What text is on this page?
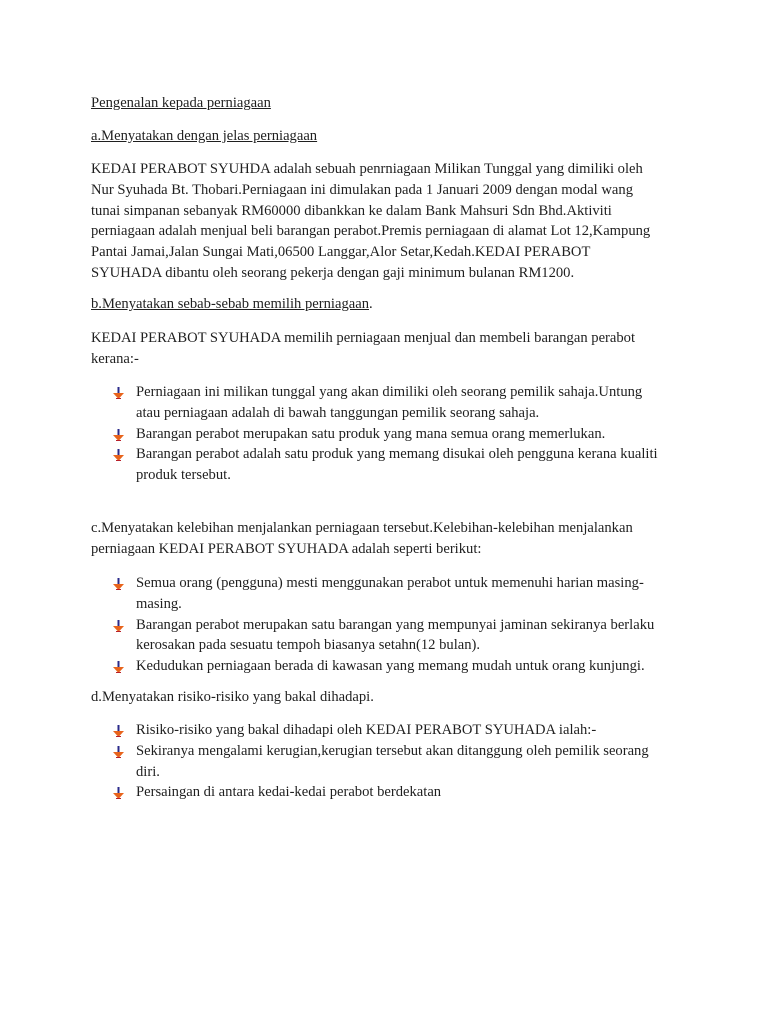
Pengenalan kepada perniagaan
a.Menyatakan dengan jelas perniagaan
KEDAI PERABOT SYUHDA adalah sebuah penrniagaan Milikan Tunggal yang dimiliki oleh
Nur Syuhada Bt. Thobari.Perniagaan ini dimulakan pada 1 Januari 2009 dengan modal wang
tunai simpanan sebanyak RM60000 dibankkan ke dalam Bank Mahsuri Sdn Bhd.Aktiviti
perniagaan adalah menjual beli barangan perabot.Premis perniagaan di alamat Lot 12,Kampung
Pantai Jamai,Jalan Sungai Mati,06500 Langgar,Alor Setar,Kedah.KEDAI PERABOT
SYUHADA dibantu oleh seorang pekerja dengan gaji minimum bulanan RM1200.
b.Menyatakan sebab-sebab memilih perniagaan.
KEDAI PERABOT SYUHADA memilih perniagaan menjual dan membeli barangan perabot
kerana:-
Perniagaan ini milikan tunggal yang akan dimiliki oleh seorang pemilik sahaja.Untung
atau perniagaan adalah di bawah tanggungan pemilik seorang sahaja.
Barangan perabot merupakan satu produk yang mana semua orang memerlukan.
Barangan perabot adalah satu produk yang memang disukai oleh pengguna kerana kualiti
produk tersebut.
c.Menyatakan kelebihan menjalankan perniagaan tersebut.Kelebihan-kelebihan menjalankan
perniagaan KEDAI PERABOT SYUHADA adalah seperti berikut:
Semua orang (pengguna) mesti menggunakan perabot untuk memenuhi harian masing-
masing.
Barangan perabot merupakan satu barangan yang mempunyai jaminan sekiranya berlaku
kerosakan pada sesuatu tempoh biasanya setahn(12 bulan).
Kedudukan perniagaan berada di kawasan yang memang mudah untuk orang kunjungi.
d.Menyatakan risiko-risiko yang bakal dihadapi.
Risiko-risiko yang bakal dihadapi oleh KEDAI PERABOT SYUHADA ialah:-
Sekiranya mengalami kerugian,kerugian tersebut akan ditanggung oleh pemilik seorang
diri.
Persaingan di antara kedai-kedai perabot berdekatan
